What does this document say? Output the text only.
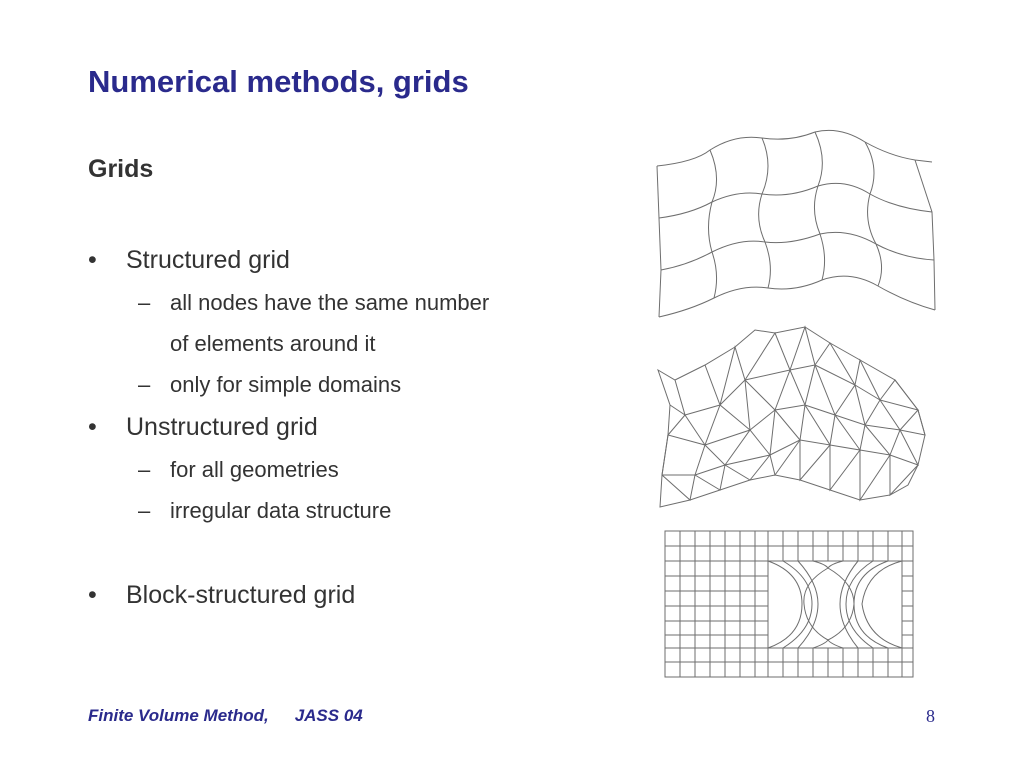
Numerical methods, grids
Grids
• Structured grid
– all nodes have the same number
of elements around it
– only for simple domains
• Unstructured grid
– for all geometries
– irregular data structure
• Block-structured grid
Finite Volume Method, JASS 04	8
